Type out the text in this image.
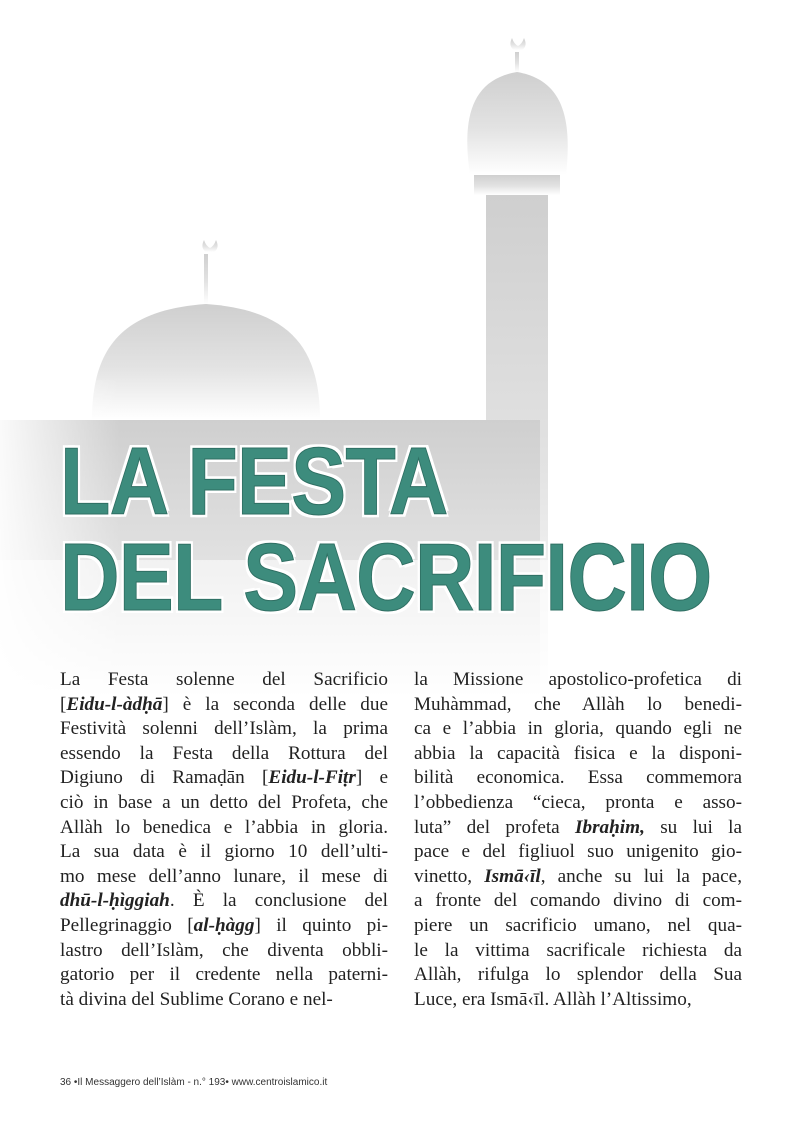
LA FESTA
DEL SACRIFICIO
La Festa solenne del Sacrificio
[Eidu-l-àdḥā] è la seconda delle due
Festività solenni dell’Islàm, la prima
essendo la Festa della Rottura del
Digiuno di Ramaḍān [Eidu-l-Fiṭr] e
ciò in base a un detto del Profeta, che
Allàh lo benedica e l’abbia in gloria.
La sua data è il giorno 10 dell’ulti-
mo mese dell’anno lunare, il mese di
dhū-l-ḥìggiah. È la conclusione del
Pellegrinaggio [al-ḥàgg] il quinto pi-
lastro dell’Islàm, che diventa obbli-
gatorio per il credente nella paterni-
tà divina del Sublime Corano e nel-
la Missione apostolico-profetica di
Muhàmmad, che Allàh lo benedi-
ca e l’abbia in gloria, quando egli ne
abbia la capacità fisica e la disponi-
bilità economica. Essa commemora
l’obbedienza “cieca, pronta e asso-
luta” del profeta Ibraḥim, su lui la
pace e del figliuol suo unigenito gio-
vinetto, Ismā‹īl, anche su lui la pace,
a fronte del comando divino di com-
piere un sacrificio umano, nel qua-
le la vittima sacrificale richiesta da
Allàh, rifulga lo splendor della Sua
Luce, era Ismā‹īl. Allàh l’Altissimo,
36 •Il Messaggero dell’Islàm - n.° 193• www.centroislamico.it
